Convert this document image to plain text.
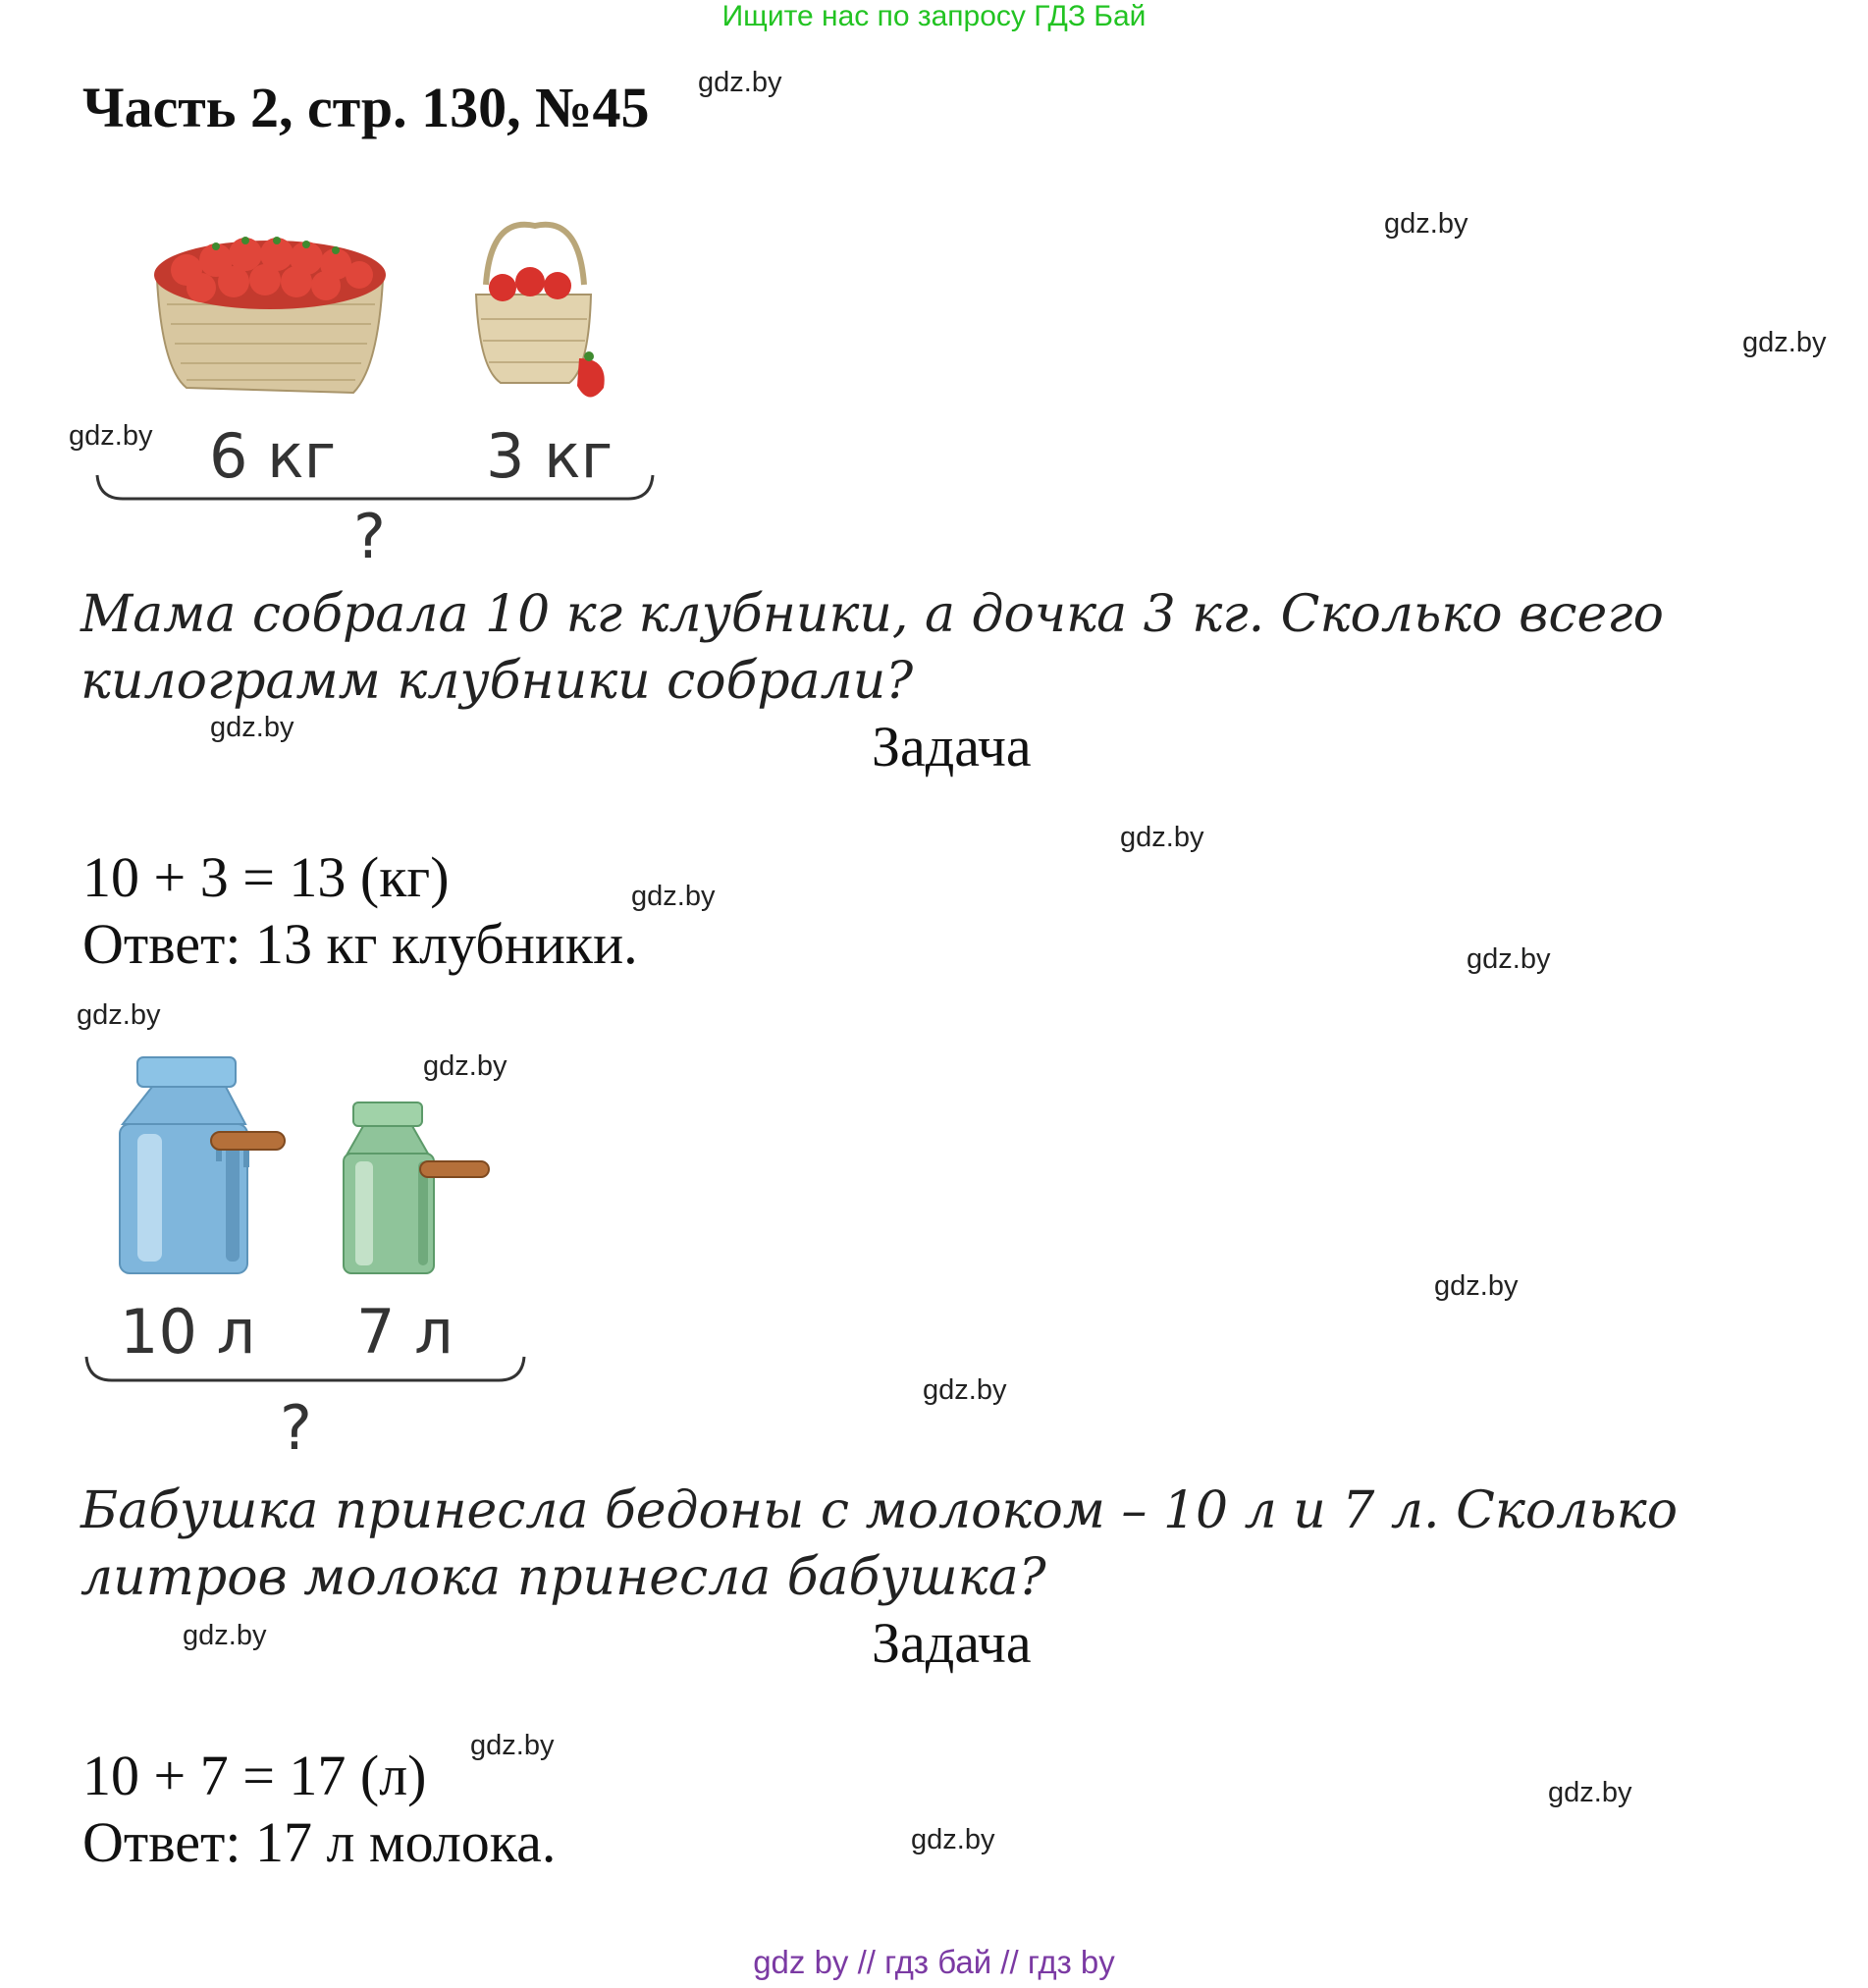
Ищите нас по запросу ГДЗ Бай
Часть 2, стр. 130, №45 gdz.by
gdz.by
gdz.by
gdz.by
gdz.by
gdz.by
gdz.by
gdz.by
gdz.by
gdz.by
gdz.by
gdz.by
gdz.by
gdz.by
gdz.by
gdz.by
6 кг 3 кг
?
Мама собрала 10 кг клубники, а дочка 3 кг. Сколько всего килограмм клубники собрали?
Задача
10 + 3 = 13 (кг)
Ответ: 13 кг клубники.
10 л 7 л
?
Бабушка принесла бедоны с молоком – 10 л и 7 л. Сколько литров молока принесла бабушка?
Задача
10 + 7 = 17 (л)
Ответ: 17 л молока.
gdz by // гдз бай // гдз by
